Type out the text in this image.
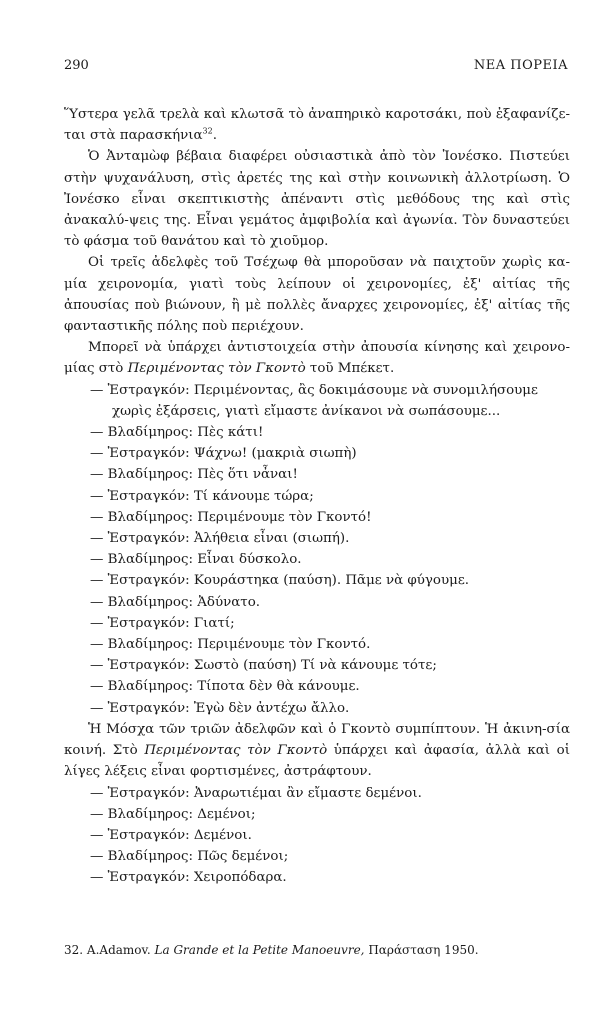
290	ΝΕΑ ΠΟΡΕΙΑ

Ὕστερα γελᾶ τρελὰ καὶ κλωτσᾶ τὸ ἀναπηρικὸ καροτσάκι, ποὺ ἐξαφανίζε-ται στὰ παρασκήνια$^{32}$.

Ὁ Ἀνταμὼφ βέβαια διαφέρει οὐσιαστικὰ ἀπὸ τὸν Ἰονέσκο. Πιστεύει στὴν ψυχανάλυση, στὶς ἀρετές της καὶ στὴν κοινωνικὴ ἀλλοτρίωση. Ὁ Ἰονέσκο εἶναι σκεπτικιστὴς ἀπέναντι στὶς μεθόδους της καὶ στὶς ἀνακαλύ-ψεις της. Εἶναι γεμάτος ἀμφιβολία καὶ ἀγωνία. Τὸν δυναστεύει τὸ φάσμα τοῦ θανάτου καὶ τὸ χιοῦμορ.

Οἱ τρεῖς ἀδελφὲς τοῦ Τσέχωφ θὰ μποροῦσαν νὰ παιχτοῦν χωρὶς κα-μία χειρονομία, γιατὶ τοὺς λείπουν οἱ χειρονομίες, ἐξ' αἰτίας τῆς ἀπουσίας ποὺ βιώνουν, ἢ μὲ πολλὲς ἄναρχες χειρονομίες, ἐξ' αἰτίας τῆς φανταστικῆς πόλης ποὺ περιέχουν.

Μπορεῖ νὰ ὑπάρχει ἀντιστοιχεία στὴν ἀπουσία κίνησης καὶ χειρονο-μίας στὸ Περιμένοντας τὸν Γκοντὸ τοῦ Μπέκετ.

— Ἐστραγκόν: Περιμένοντας, ἂς δοκιμάσουμε νὰ συνομιλήσουμε χωρὶς ἐξάρσεις, γιατὶ εἴμαστε ἀνίκανοι νὰ σωπάσουμε...

— Βλαδίμηρος: Πὲς κάτι!

— Ἐστραγκόν: Ψάχνω! (μακριὰ σιωπὴ)

— Βλαδίμηρος: Πὲς ὅτι νἆναι!

— Ἐστραγκόν: Τί κάνουμε τώρα;

— Βλαδίμηρος: Περιμένουμε τὸν Γκοντό!

— Ἐστραγκόν: Ἀλήθεια εἶναι (σιωπή).

— Βλαδίμηρος: Εἶναι δύσκολο.

— Ἐστραγκόν: Κουράστηκα (παύση). Πᾶμε νὰ φύγουμε.

— Βλαδίμηρος: Ἀδύνατο.

— Ἐστραγκόν: Γιατί;

— Βλαδίμηρος: Περιμένουμε τὸν Γκοντό.

— Ἐστραγκόν: Σωστὸ (παύση) Τί νὰ κάνουμε τότε;

— Βλαδίμηρος: Τίποτα δὲν θὰ κάνουμε.

— Ἐστραγκόν: Ἐγὼ δὲν ἀντέχω ἄλλο.

Ἡ Μόσχα τῶν τριῶν ἀδελφῶν καὶ ὁ Γκοντὸ συμπίπτουν. Ἡ ἀκινη-σία κοινή. Στὸ Περιμένοντας τὸν Γκοντὸ ὑπάρχει καὶ ἀφασία, ἀλλὰ καὶ οἱ λίγες λέξεις εἶναι φορτισμένες, ἀστράφτουν.

— Ἐστραγκόν: Ἀναρωτιέμαι ἂν εἴμαστε δεμένοι.

— Βλαδίμηρος: Δεμένοι;

— Ἐστραγκόν: Δεμένοι.

— Βλαδίμηρος: Πῶς δεμένοι;

— Ἐστραγκόν: Χειροπόδαρα.

32. A.Adamov. La Grande et la Petite Manoeuvre, Παράσταση 1950.
